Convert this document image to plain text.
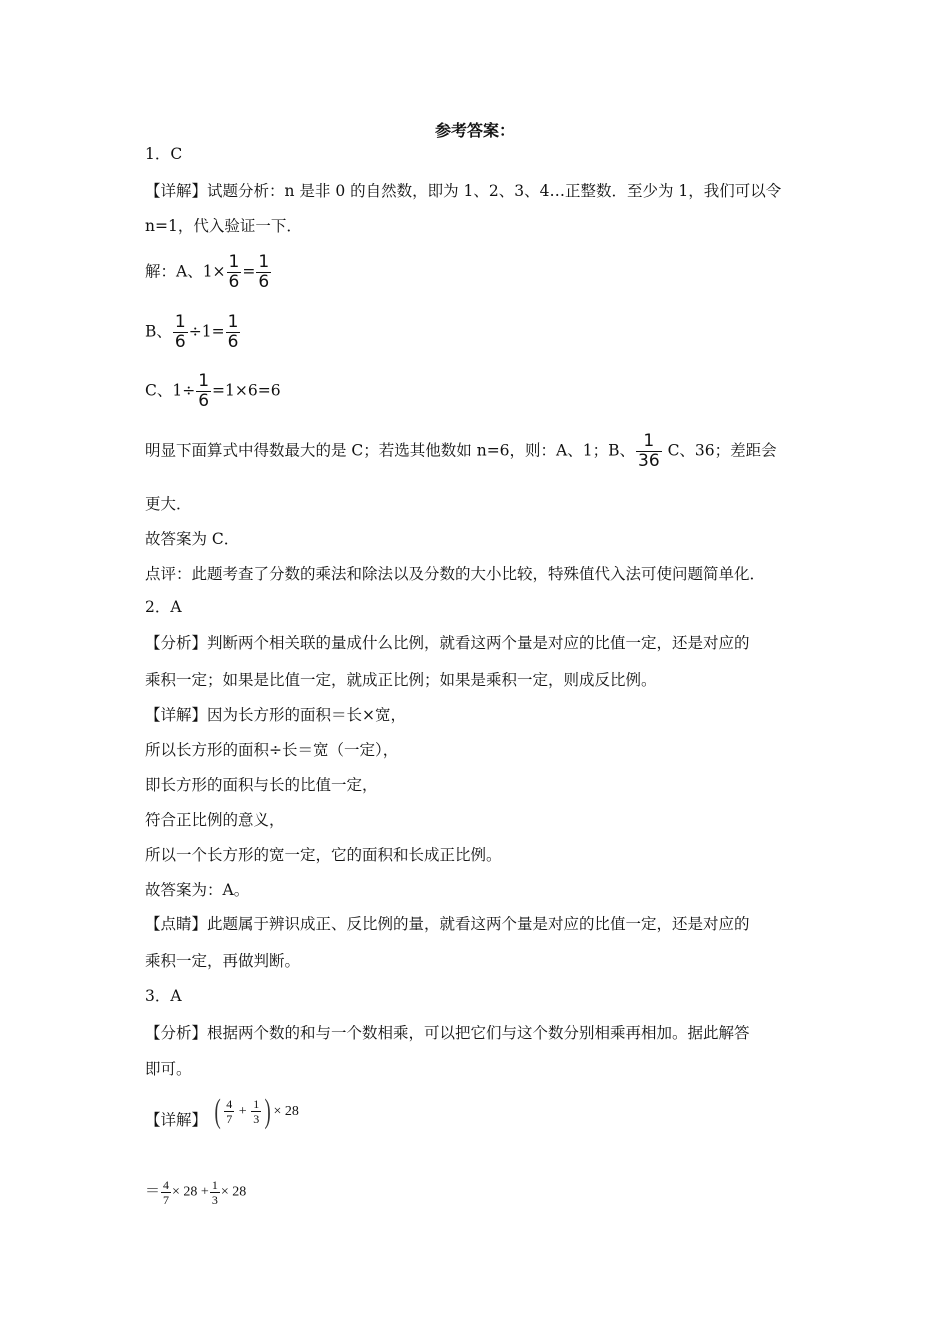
参考答案：
1．C
【详解】试题分析：n 是非 0 的自然数，即为 1、2、3、4…正整数．至少为 1，我们可以令
n=1，代入验证一下．
解：A、$1\times \frac{1}{6} = \frac{1}{6}$
B、 $\frac{1}{6} \div 1= \frac{1}{6}$
C、$1\div \frac{1}{6} =1\times 6=6$
明显下面算式中得数最大的是 C；若选其他数如 n=6，则：A、1；B、 $\frac{1}{36}$ C、36；差距会
更大．
故答案为 C．
点评：此题考查了分数的乘法和除法以及分数的大小比较，特殊值代入法可使问题简单化．
2．A
【分析】判断两个相关联的量成什么比例，就看这两个量是对应的比值一定，还是对应的
乘积一定；如果是比值一定，就成正比例；如果是乘积一定，则成反比例。
【详解】因为长方形的面积＝长×宽，
所以长方形的面积÷长＝宽（一定），
即长方形的面积与长的比值一定，
符合正比例的意义，
所以一个长方形的宽一定，它的面积和长成正比例。
故答案为：A。
【点睛】此题属于辨识成正、反比例的量，就看这两个量是对应的比值一定，还是对应的
乘积一定，再做判断。
3．A
【分析】根据两个数的和与一个数相乘，可以把它们与这个数分别相乘再相加。据此解答
即可。
【详解】 ( $\frac{4}{7} + \frac{1}{3}$ ) × 28
＝ $\frac{4}{7} \times 28 + \frac{1}{3} \times 28$
